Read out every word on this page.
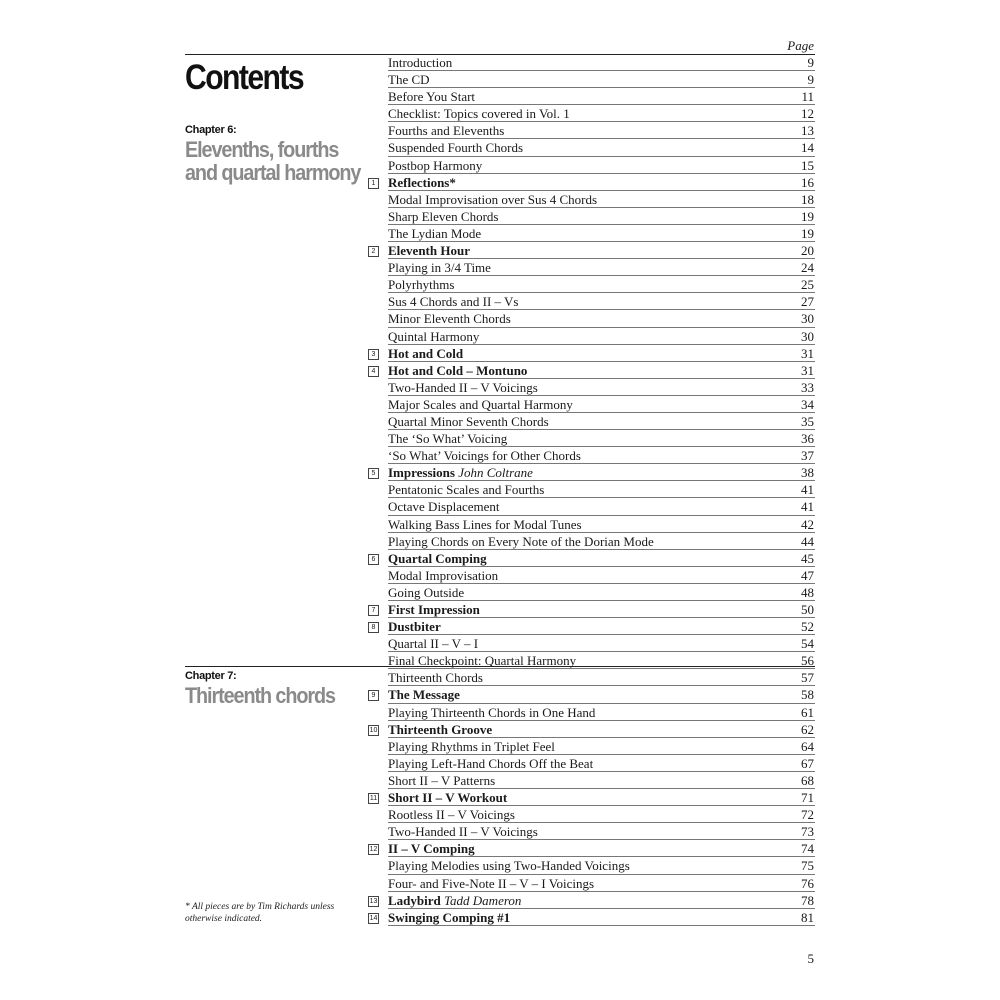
Page
Contents
Chapter 6:
Elevenths, fourths and quartal harmony
Chapter 7:
Thirteenth chords
* All pieces are by Tim Richards unless otherwise indicated.
Introduction	9
The CD	9
Before You Start	11
Checklist: Topics covered in Vol. 1	12
Fourths and Elevenths	13
Suspended Fourth Chords	14
Postbop Harmony	15
1 Reflections*	16
Modal Improvisation over Sus 4 Chords	18
Sharp Eleven Chords	19
The Lydian Mode	19
2 Eleventh Hour	20
Playing in 3/4 Time	24
Polyrhythms	25
Sus 4 Chords and II – Vs	27
Minor Eleventh Chords	30
Quintal Harmony	30
3 Hot and Cold	31
4 Hot and Cold – Montuno	31
Two-Handed II – V Voicings	33
Major Scales and Quartal Harmony	34
Quartal Minor Seventh Chords	35
The ‘So What’ Voicing	36
‘So What’ Voicings for Other Chords	37
5 Impressions John Coltrane	38
Pentatonic Scales and Fourths	41
Octave Displacement	41
Walking Bass Lines for Modal Tunes	42
Playing Chords on Every Note of the Dorian Mode	44
6 Quartal Comping	45
Modal Improvisation	47
Going Outside	48
7 First Impression	50
8 Dustbiter	52
Quartal II – V – I	54
Final Checkpoint: Quartal Harmony	56
Thirteenth Chords	57
9 The Message	58
Playing Thirteenth Chords in One Hand	61
10 Thirteenth Groove	62
Playing Rhythms in Triplet Feel	64
Playing Left-Hand Chords Off the Beat	67
Short II – V Patterns	68
11 Short II – V Workout	71
Rootless II – V Voicings	72
Two-Handed II – V Voicings	73
12 II – V Comping	74
Playing Melodies using Two-Handed Voicings	75
Four- and Five-Note II – V – I Voicings	76
13 Ladybird Tadd Dameron	78
14 Swinging Comping #1	81
5
